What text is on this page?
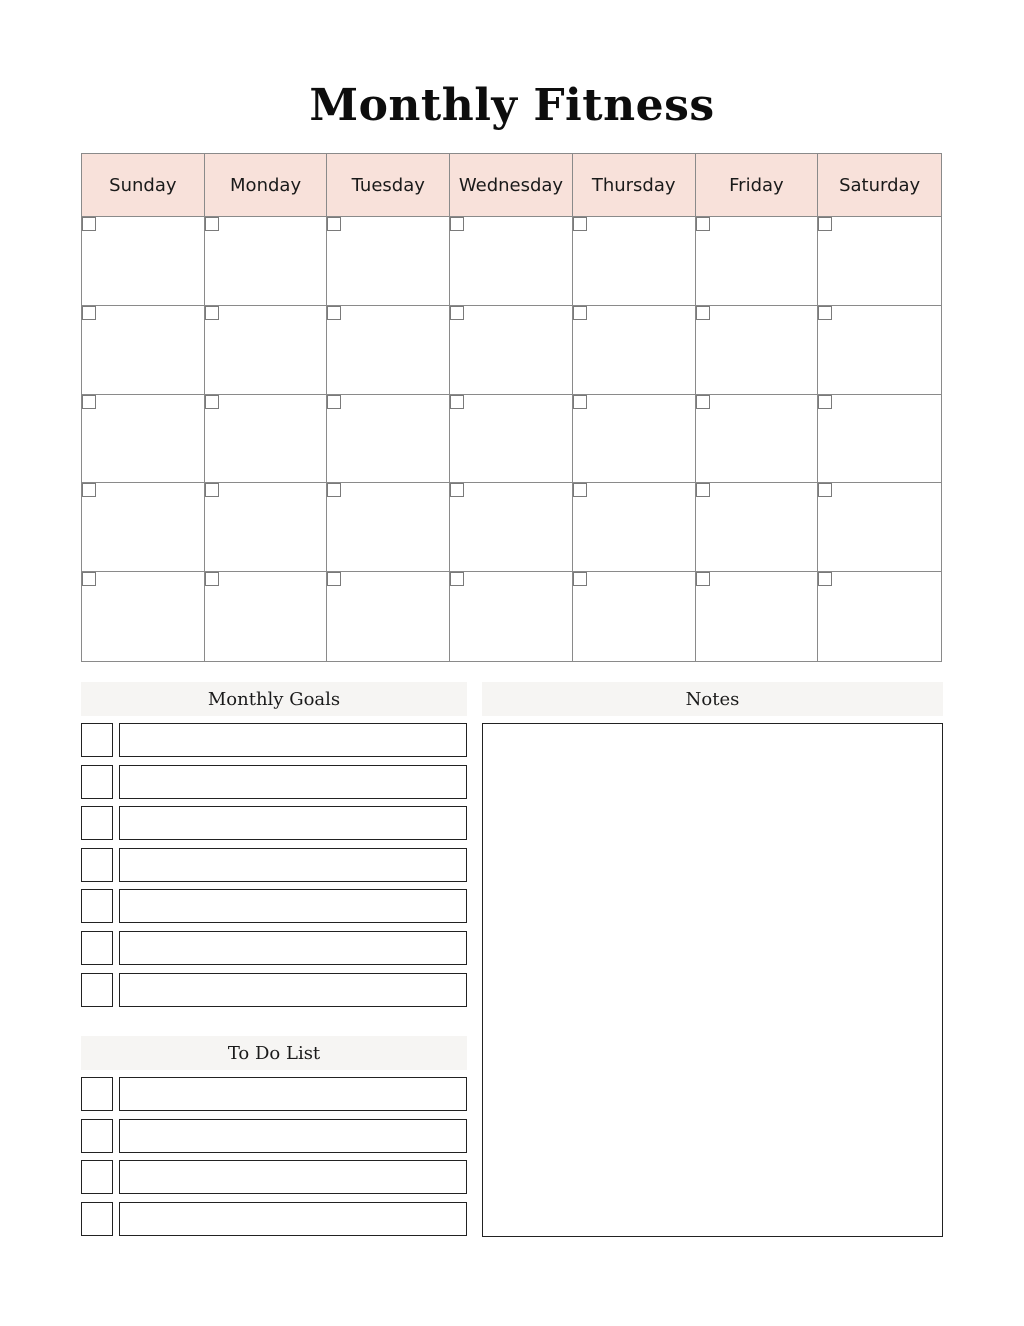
Monthly Fitness
Sunday	Monday	Tuesday	Wednesday	Thursday	Friday	Saturday
Monthly Goals
To Do List
Notes
